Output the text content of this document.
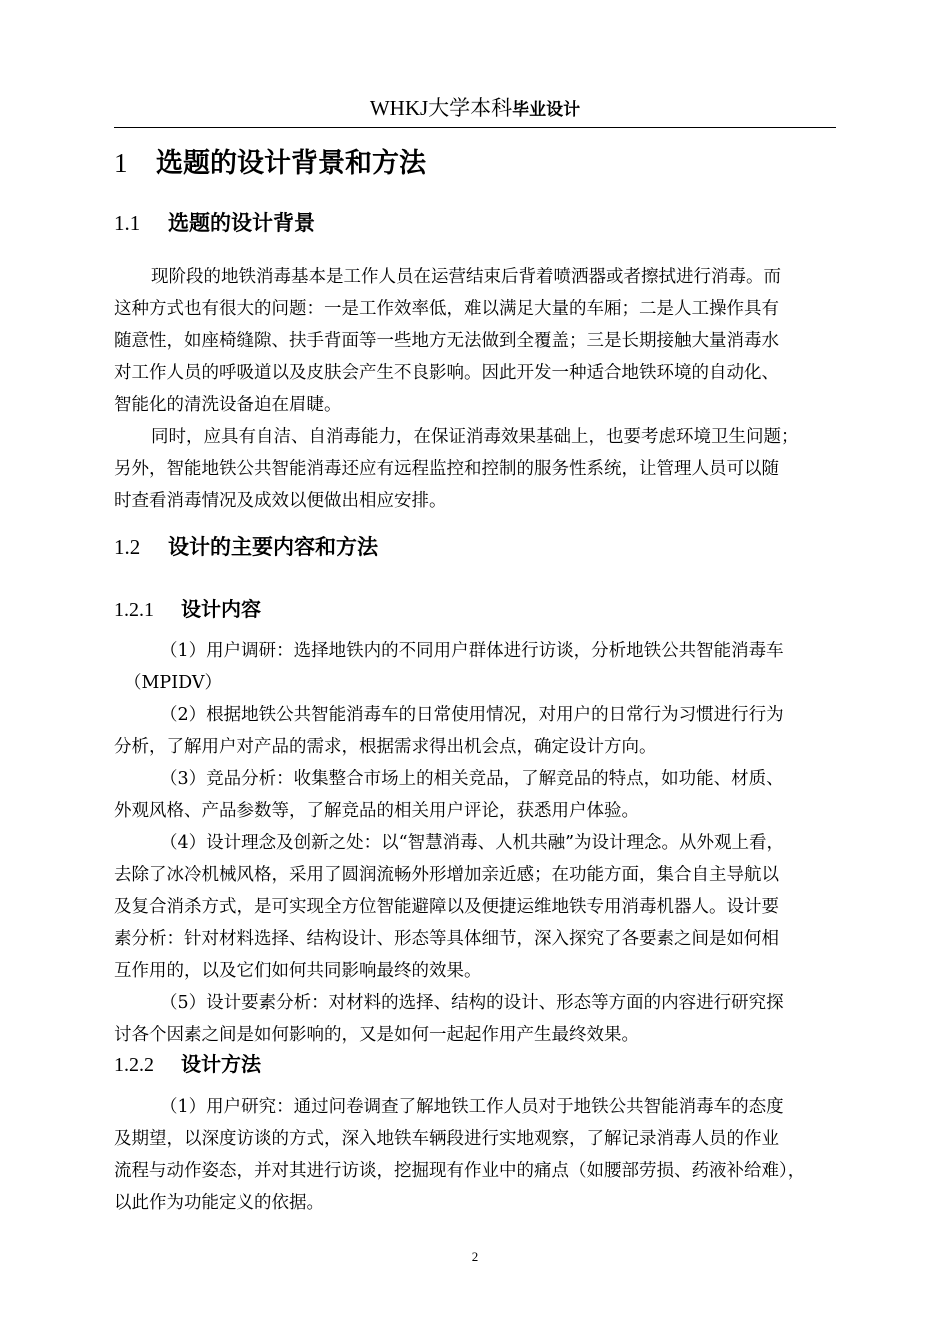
WHKJ大学本科毕业设计
1 选题的设计背景和方法
1.1 选题的设计背景
现阶段的地铁消毒基本是工作人员在运营结束后背着喷洒器或者擦拭进行消毒。而
这种方式也有很大的问题：一是工作效率低，难以满足大量的车厢；二是人工操作具有
随意性，如座椅缝隙、扶手背面等一些地方无法做到全覆盖；三是长期接触大量消毒水
对工作人员的呼吸道以及皮肤会产生不良影响。因此开发一种适合地铁环境的自动化、
智能化的清洗设备迫在眉睫。
同时，应具有自洁、自消毒能力，在保证消毒效果基础上，也要考虑环境卫生问题；
另外，智能地铁公共智能消毒还应有远程监控和控制的服务性系统，让管理人员可以随
时查看消毒情况及成效以便做出相应安排。
1.2 设计的主要内容和方法
1.2.1 设计内容
（1）用户调研：选择地铁内的不同用户群体进行访谈，分析地铁公共智能消毒车
（MPIDV）
（2）根据地铁公共智能消毒车的日常使用情况，对用户的日常行为习惯进行行为
分析，了解用户对产品的需求，根据需求得出机会点，确定设计方向。
（3）竞品分析：收集整合市场上的相关竞品，了解竞品的特点，如功能、材质、
外观风格、产品参数等，了解竞品的相关用户评论，获悉用户体验。
（4）设计理念及创新之处：以“智慧消毒、人机共融”为设计理念。从外观上看，
去除了冰冷机械风格，采用了圆润流畅外形增加亲近感；在功能方面，集合自主导航以
及复合消杀方式，是可实现全方位智能避障以及便捷运维地铁专用消毒机器人。设计要
素分析：针对材料选择、结构设计、形态等具体细节，深入探究了各要素之间是如何相
互作用的，以及它们如何共同影响最终的效果。
（5）设计要素分析：对材料的选择、结构的设计、形态等方面的内容进行研究探
讨各个因素之间是如何影响的，又是如何一起起作用产生最终效果。
1.2.2 设计方法
（1）用户研究：通过问卷调查了解地铁工作人员对于地铁公共智能消毒车的态度
及期望，以深度访谈的方式，深入地铁车辆段进行实地观察，了解记录消毒人员的作业
流程与动作姿态，并对其进行访谈，挖掘现有作业中的痛点（如腰部劳损、药液补给难），
以此作为功能定义的依据。
2
